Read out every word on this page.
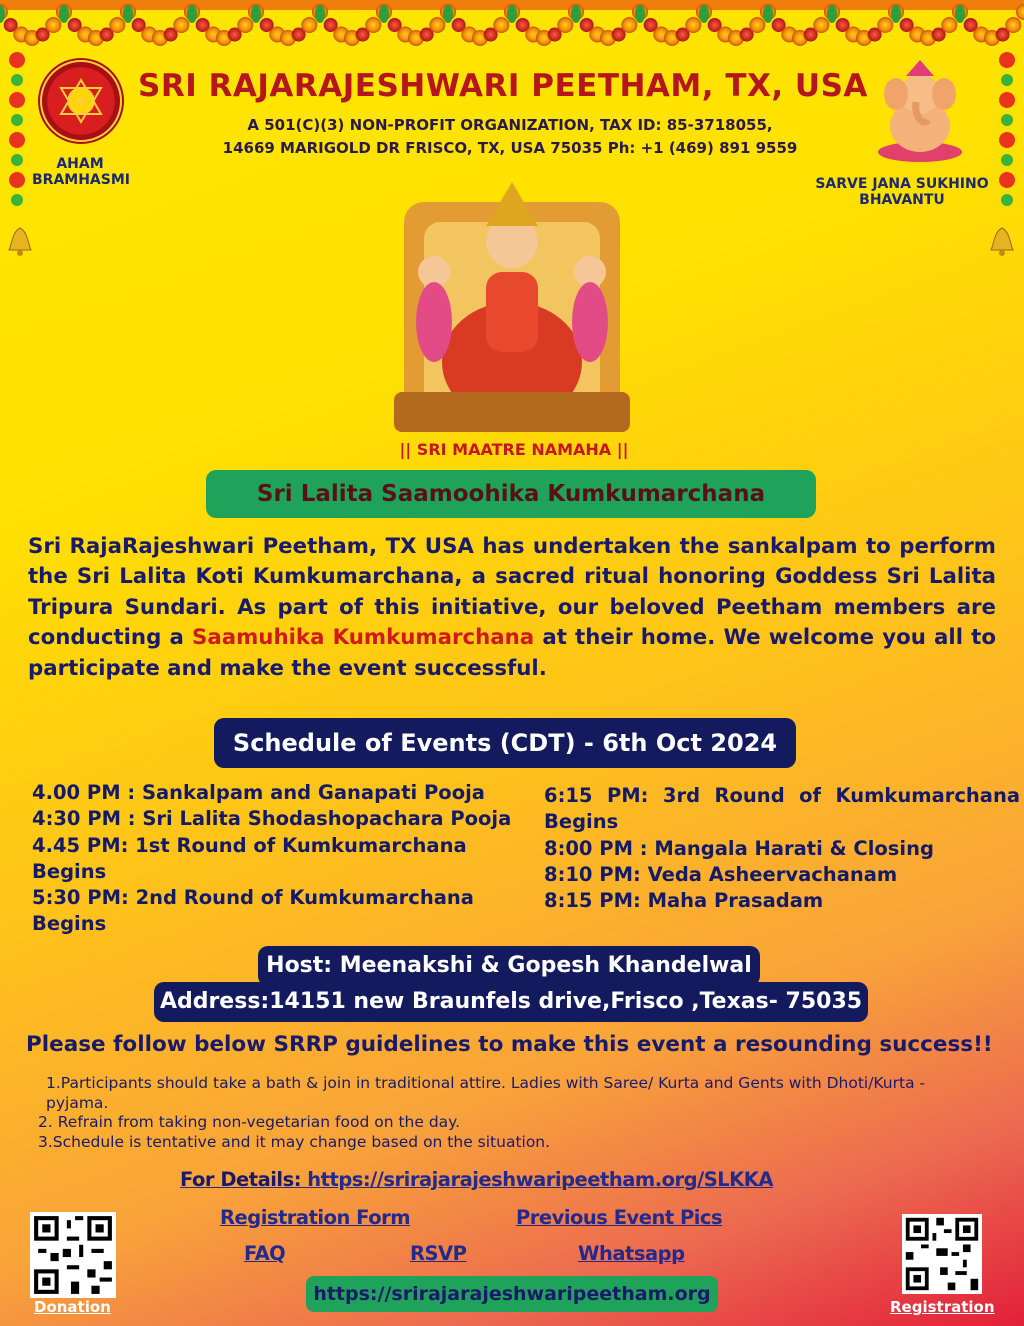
AHAM BRAMHASMI	SARVE JANA SUKHINO BHAVANTU
SRI RAJARAJESHWARI PEETHAM, TX, USA
A 501(C)(3) NON-PROFIT ORGANIZATION, TAX ID: 85-3718055,
14669 MARIGOLD DR FRISCO, TX, USA 75035 Ph: +1 (469) 891 9559
|| SRI MAATRE NAMAHA ||
Sri Lalita Saamoohika Kumkumarchana
Sri RajaRajeshwari Peetham, TX USA has undertaken the sankalpam to perform the Sri Lalita Koti Kumkumarchana, a sacred ritual honoring Goddess Sri Lalita Tripura Sundari. As part of this initiative, our beloved Peetham members are conducting a Saamuhika Kumkumarchana at their home. We welcome you all to participate and make the event successful.
Schedule of Events (CDT) - 6th Oct 2024
4.00 PM : Sankalpam and Ganapati Pooja
4:30 PM : Sri Lalita Shodashopachara Pooja
4.45 PM: 1st Round of Kumkumarchana Begins
5:30 PM: 2nd Round of Kumkumarchana Begins
6:15 PM: 3rd Round of Kumkumarchana Begins
8:00 PM : Mangala Harati & Closing
8:10 PM: Veda Asheervachanam
8:15 PM: Maha Prasadam
Host: Meenakshi & Gopesh Khandelwal
Address:14151 new Braunfels drive,Frisco ,Texas- 75035
Please follow below SRRP guidelines to make this event a resounding success!!
1.Participants should take a bath & join in traditional attire. Ladies with Saree/ Kurta and Gents with Dhoti/Kurta -pyjama.
2. Refrain from taking non-vegetarian food on the day.
3.Schedule is tentative and it may change based on the situation.
For Details: https://srirajarajeshwaripeetham.org/SLKKA
Registration Form	Previous Event Pics
FAQ	RSVP	Whatsapp
https://srirajarajeshwaripeetham.org
Donation	Registration
